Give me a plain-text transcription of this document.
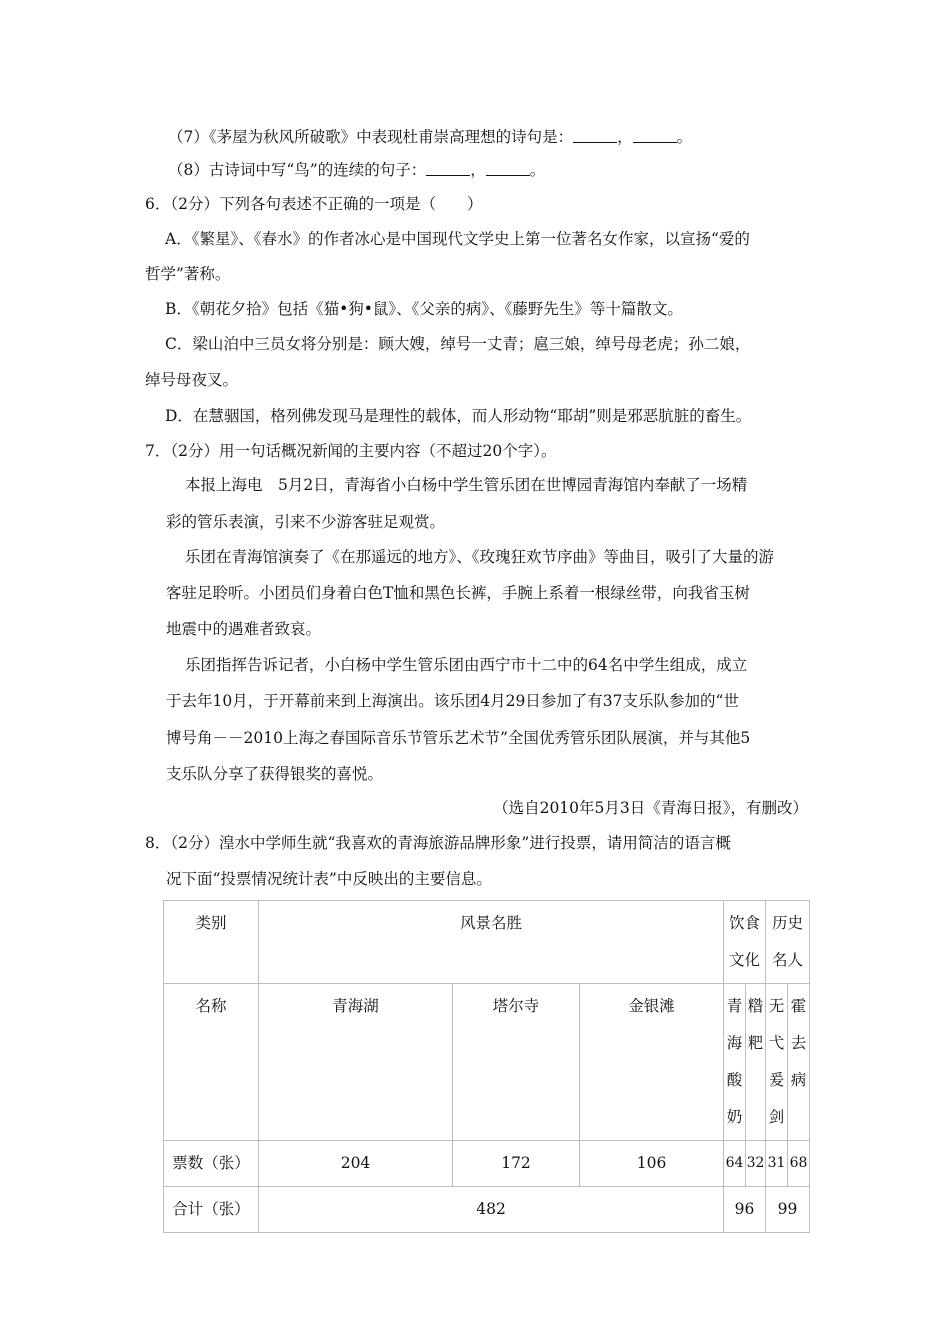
（7）《茅屋为秋风所破歌》中表现杜甫崇高理想的诗句是：	，	。
（8）古诗词中写“鸟”的连续的句子：	，	。
6．（2分）下列各句表述不正确的一项是（　　）
A．《繁星》、《春水》的作者冰心是中国现代文学史上第一位著名女作家，以宣扬“爱的
哲学”著称。
B．《朝花夕拾》包括《猫•狗•鼠》、《父亲的病》、《藤野先生》等十篇散文。
C．梁山泊中三员女将分别是：顾大嫂，绰号一丈青；扈三娘，绰号母老虎；孙二娘，
绰号母夜叉。
D．在慧骃国，格列佛发现马是理性的载体，而人形动物“耶胡”则是邪恶肮脏的畜生。
7．（2分）用一句话概况新闻的主要内容（不超过20个字）。
本报上海电　5月2日，青海省小白杨中学生管乐团在世博园青海馆内奉献了一场精
彩的管乐表演，引来不少游客驻足观赏。
乐团在青海馆演奏了《在那遥远的地方》、《玫瑰狂欢节序曲》等曲目，吸引了大量的游
客驻足聆听。小团员们身着白色T恤和黑色长裤，手腕上系着一根绿丝带，向我省玉树
地震中的遇难者致哀。
乐团指挥告诉记者，小白杨中学生管乐团由西宁市十二中的64名中学生组成，成立
于去年10月，于开幕前来到上海演出。该乐团4月29日参加了有37支乐队参加的“世
博号角－－2010上海之春国际音乐节管乐艺术节”全国优秀管乐团队展演，并与其他5
支乐队分享了获得银奖的喜悦。
（选自2010年5月3日《青海日报》，有删改）
8．（2分）湟水中学师生就“我喜欢的青海旅游品牌形象”进行投票，请用简洁的语言概
况下面“投票情况统计表”中反映出的主要信息。
类别	风景名胜			饮食文化		历史名人	

名称	青海湖	塔尔寺	金银滩	青海酸奶	糌粑	无弋爰剑	霍去病

票数（张）	204	172	106	64	32	31	68
合计（张）	482			96		99	
